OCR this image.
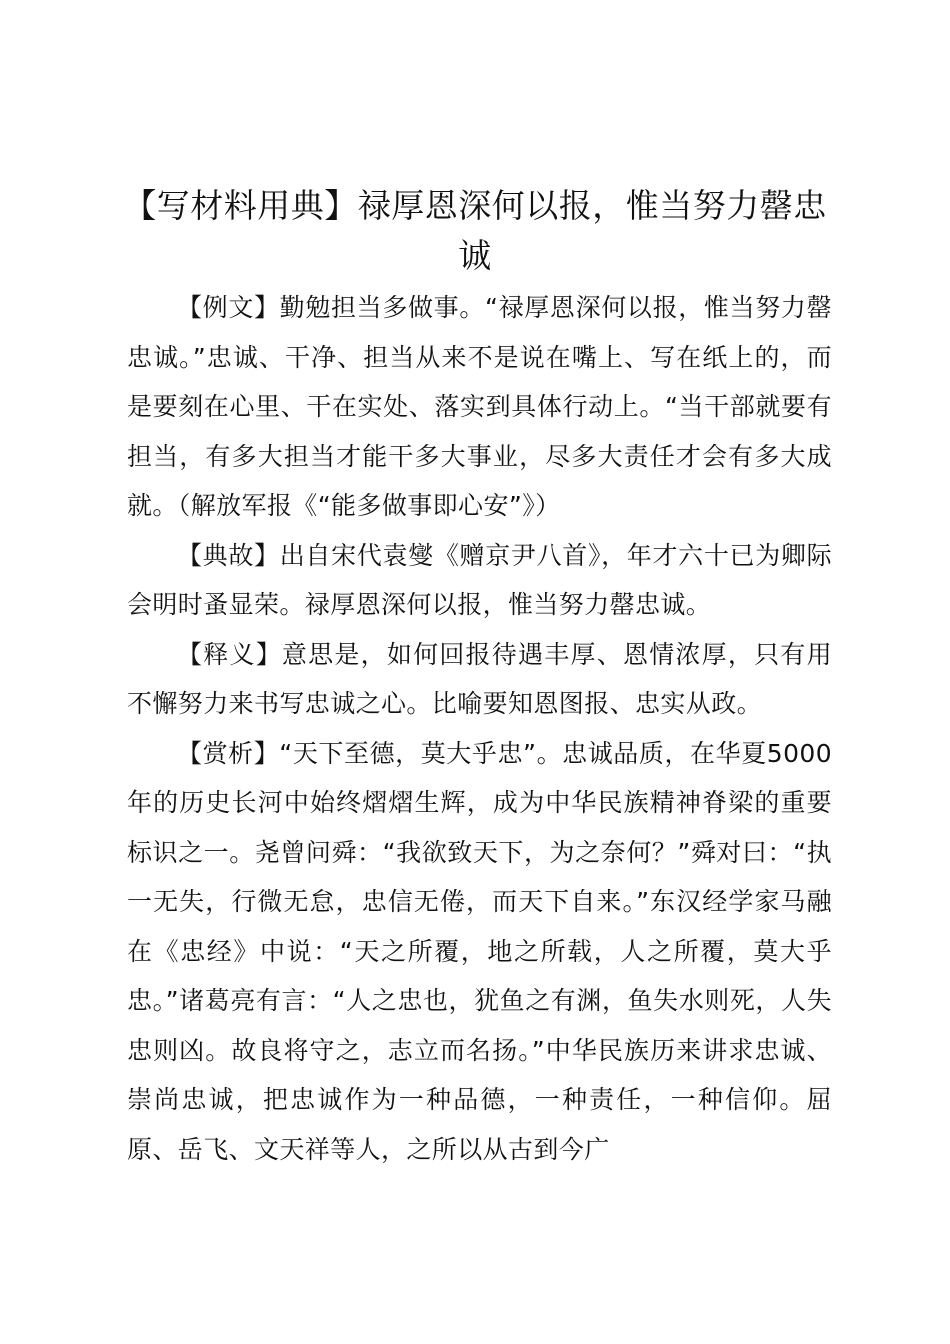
【写材料用典】禄厚恩深何以报，惟当努力罄忠诚

【例文】勤勉担当多做事。“禄厚恩深何以报，惟当努力罄忠诚。”忠诚、干净、担当从来不是说在嘴上、写在纸上的，而是要刻在心里、干在实处、落实到具体行动上。“当干部就要有担当，有多大担当才能干多大事业，尽多大责任才会有多大成就。（解放军报《“能多做事即心安”》）

【典故】出自宋代袁燮《赠京尹八首》，年才六十已为卿际会明时蚤显荣。禄厚恩深何以报，惟当努力罄忠诚。

【释义】意思是，如何回报待遇丰厚、恩情浓厚，只有用不懈努力来书写忠诚之心。比喻要知恩图报、忠实从政。

【赏析】“天下至德，莫大乎忠”。忠诚品质，在华夏5000年的历史长河中始终熠熠生辉，成为中华民族精神脊梁的重要标识之一。尧曾问舜：“我欲致天下，为之奈何？”舜对曰：“执一无失，行微无怠，忠信无倦，而天下自来。”东汉经学家马融在《忠经》中说：“天之所覆，地之所载，人之所覆，莫大乎忠。”诸葛亮有言：“人之忠也，犹鱼之有渊，鱼失水则死，人失忠则凶。故良将守之，志立而名扬。”中华民族历来讲求忠诚、崇尚忠诚，把忠诚作为一种品德，一种责任，一种信仰。屈原、岳飞、文天祥等人，之所以从古到今广
